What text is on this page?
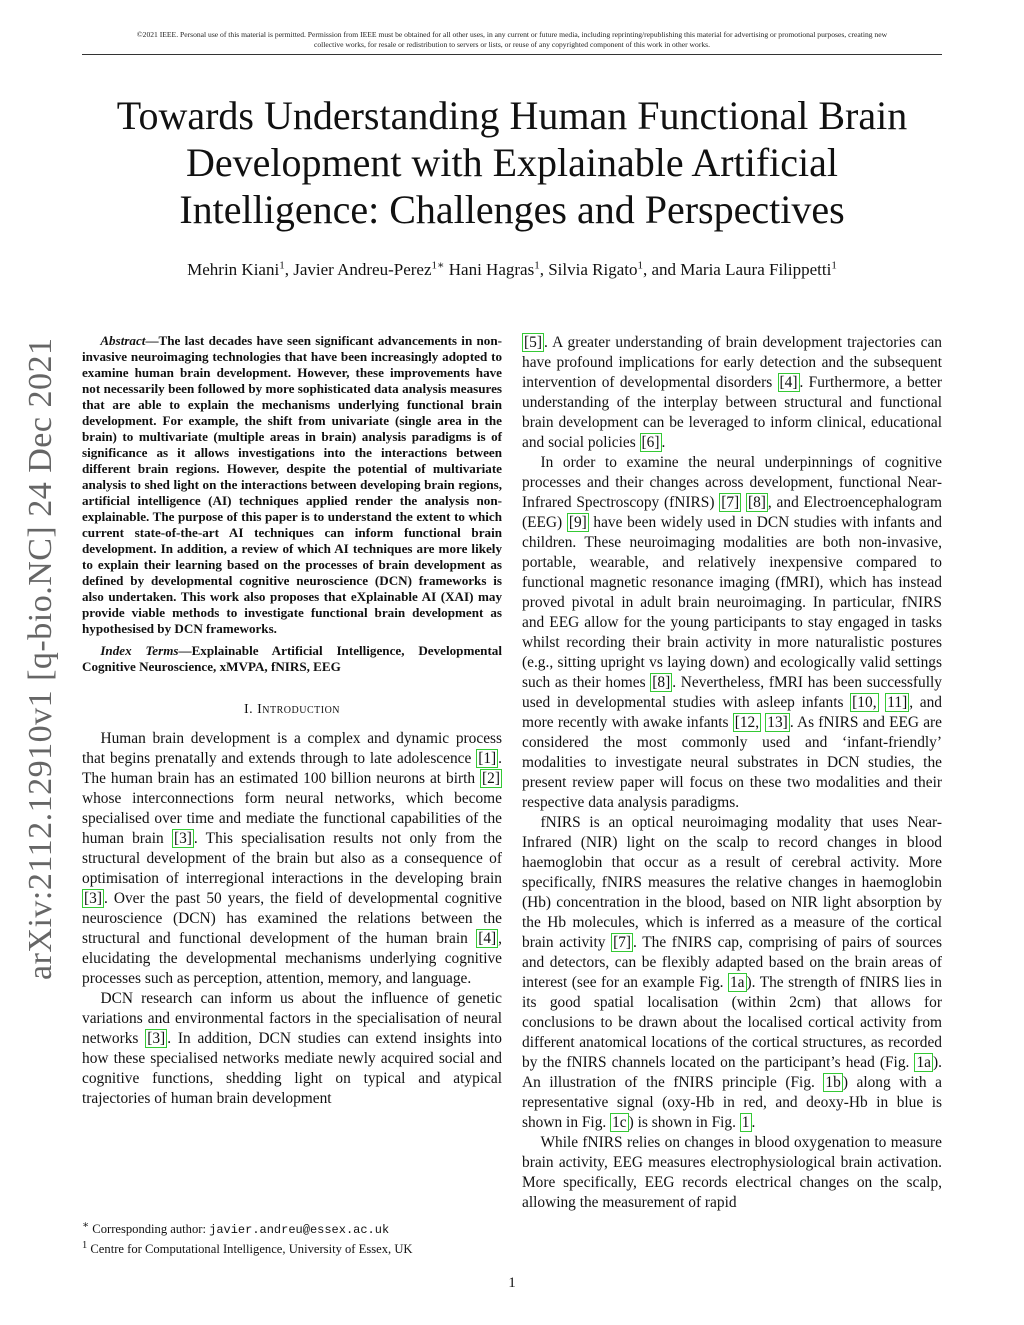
©2021 IEEE. Personal use of this material is permitted. Permission from IEEE must be obtained for all other uses, in any current or future media, including reprinting/republishing this material for advertising or promotional purposes, creating new collective works, for resale or redistribution to servers or lists, or reuse of any copyrighted component of this work in other works.
Towards Understanding Human Functional Brain Development with Explainable Artificial Intelligence: Challenges and Perspectives
Mehrin Kiani$^1$, Javier Andreu-Perez$^{1∗}$ Hani Hagras$^1$, Silvia Rigato$^1$, and Maria Laura Filippetti$^1$
arXiv:2112.12910v1 [q-bio.NC] 24 Dec 2021	Abstract—The last decades have seen significant advancements in non-invasive neuroimaging technologies that have been increasingly adopted to examine human brain development. However, these improvements have not necessarily been followed by more sophisticated data analysis measures that are able to explain the mechanisms underlying functional brain development. For example, the shift from univariate (single area in the brain) to multivariate (multiple areas in brain) analysis paradigms is of significance as it allows investigations into the interactions between different brain regions. However, despite the potential of multivariate analysis to shed light on the interactions between developing brain regions, artificial intelligence (AI) techniques applied render the analysis non-explainable. The purpose of this paper is to understand the extent to which current state-of-the-art AI techniques can inform functional brain development. In addition, a review of which AI techniques are more likely to explain their learning based on the processes of brain development as defined by developmental cognitive neuroscience (DCN) frameworks is also undertaken. This work also proposes that eXplainable AI (XAI) may provide viable methods to investigate functional brain development as hypothesised by DCN frameworks.

Index Terms—Explainable Artificial Intelligence, Developmental Cognitive Neuroscience, xMVPA, fNIRS, EEG

I. Introduction

Human brain development is a complex and dynamic process that begins prenatally and extends through to late adolescence [1] . The human brain has an estimated 100 billion neurons at birth [2] whose interconnections form neural networks, which become specialised over time and mediate the functional capabilities of the human brain [3] . This specialisation results not only from the structural development of the brain but also as a consequence of optimisation of interregional interactions in the developing brain [3] . Over the past 50 years, the field of developmental cognitive neuroscience (DCN) has examined the relations between the structural and functional development of the human brain [4] , elucidating the developmental mechanisms underlying cognitive processes such as perception, attention, memory, and language.

DCN research can inform us about the influence of genetic variations and environmental factors in the specialisation of neural networks [3] . In addition, DCN studies can extend insights into how these specialised networks mediate newly acquired social and cognitive functions, shedding light on typical and atypical trajectories of human brain development

[5] . A greater understanding of brain development trajectories can have profound implications for early detection and the subsequent intervention of developmental disorders [4] . Furthermore, a better understanding of the interplay between structural and functional brain development can be leveraged to inform clinical, educational and social policies [6] .

In order to examine the neural underpinnings of cognitive processes and their changes across development, functional Near-Infrared Spectroscopy (fNIRS) [7] [8] , and Electroencephalogram (EEG) [9] have been widely used in DCN studies with infants and children. These neuroimaging modalities are both non-invasive, portable, wearable, and relatively inexpensive compared to functional magnetic resonance imaging (fMRI), which has instead proved pivotal in adult brain neuroimaging. In particular, fNIRS and EEG allow for the young participants to stay engaged in tasks whilst recording their brain activity in more naturalistic postures (e.g., sitting upright vs laying down) and ecologically valid settings such as their homes [8] . Nevertheless, fMRI has been successfully used in developmental studies with asleep infants [10, 11] , and more recently with awake infants [12, 13] . As fNIRS and EEG are considered the most commonly used and ‘infant-friendly’ modalities to investigate neural substrates in DCN studies, the present review paper will focus on these two modalities and their respective data analysis paradigms.

fNIRS is an optical neuroimaging modality that uses Near-Infrared (NIR) light on the scalp to record changes in blood haemoglobin that occur as a result of cerebral activity. More specifically, fNIRS measures the relative changes in haemoglobin (Hb) concentration in the blood, based on NIR light absorption by the Hb molecules, which is inferred as a measure of the cortical brain activity [7] . The fNIRS cap, comprising of pairs of sources and detectors, can be flexibly adapted based on the brain areas of interest (see for an example Fig. 1a ). The strength of fNIRS lies in its good spatial localisation (within 2cm) that allows for conclusions to be drawn about the localised cortical activity from different anatomical locations of the cortical structures, as recorded by the fNIRS channels located on the participant’s head (Fig. 1a ). An illustration of the fNIRS principle (Fig. 1b ) along with a representative signal (oxy-Hb in red, and deoxy-Hb in blue is shown in Fig. 1c ) is shown in Fig. 1 .

While fNIRS relies on changes in blood oxygenation to measure brain activity, EEG measures electrophysiological brain activation. More specifically, EEG records electrical changes on the scalp, allowing the measurement of rapid

∗ Corresponding author: javier.andreu@essex.ac.uk
$^1$ Centre for Computational Intelligence, University of Essex, UK
1
